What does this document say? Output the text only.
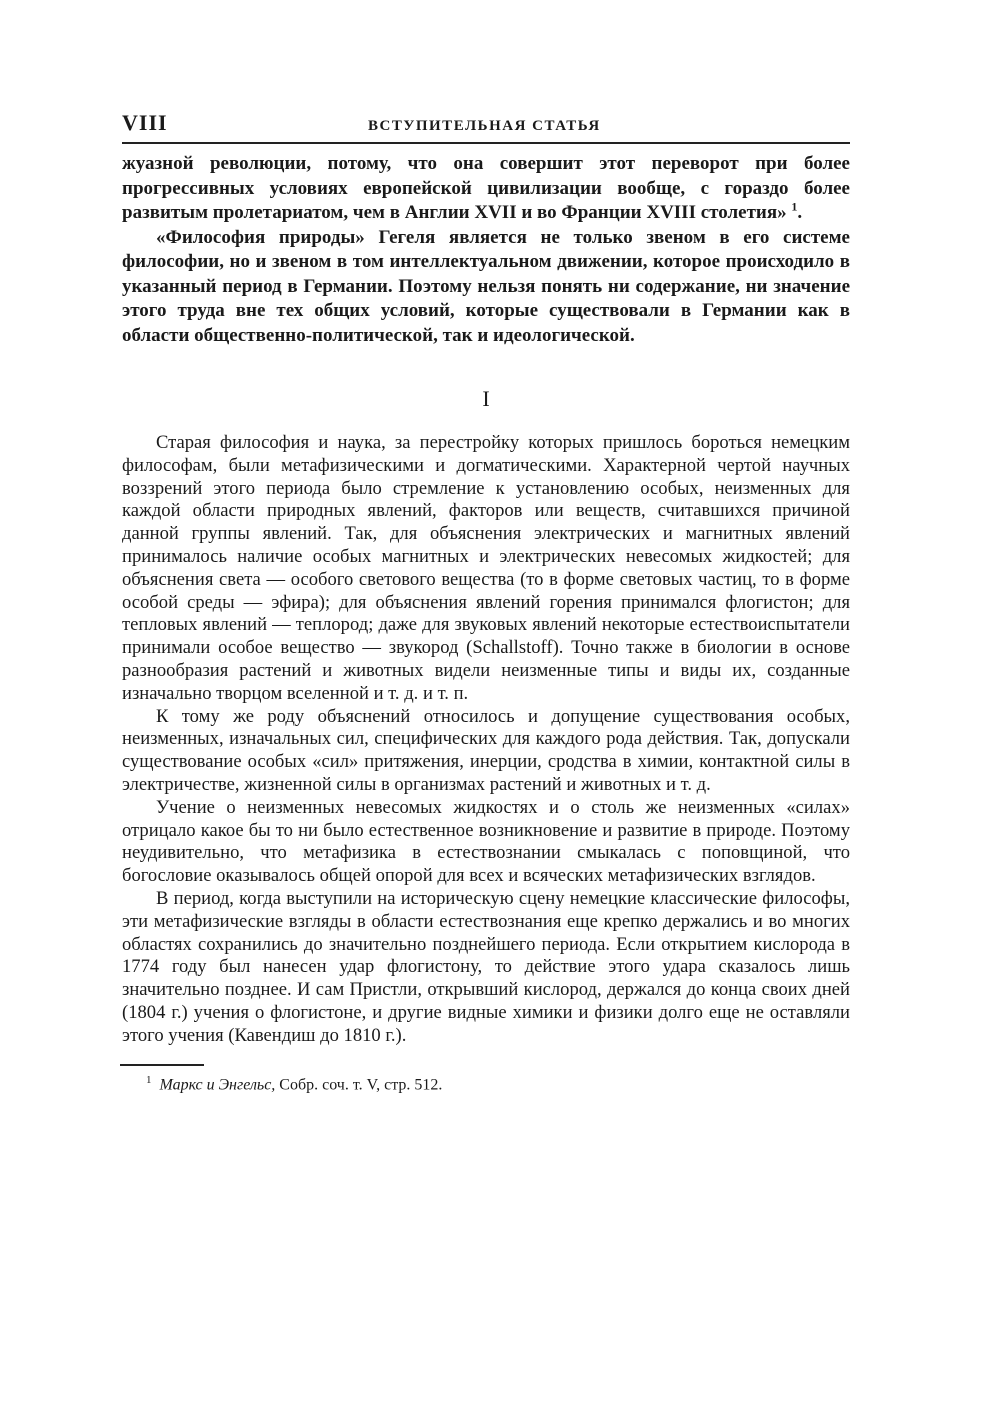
VIII	ВСТУПИТЕЛЬНАЯ СТАТЬЯ

жуазной революции, потому, что она совершит этот переворот при более прогрессивных условиях европейской цивилизации вообще, с гораздо более развитым пролетариатом, чем в Англии XVII и во Франции XVIII столетия» $^1$.

«Философия природы» Гегеля является не только звеном в его системе философии, но и звеном в том интеллектуальном движении, которое происходило в указанный период в Германии. Поэтому нельзя понять ни содержание, ни значение этого труда вне тех общих условий, которые существовали в Германии как в области общественно-политической, так и идеологической.

I

Старая философия и наука, за перестройку которых пришлось бороться немецким философам, были метафизическими и догматическими. Характерной чертой научных воззрений этого периода было стремление к установлению особых, неизменных для каждой области природных явлений, факторов или веществ, считавшихся причиной данной группы явлений. Так, для объяснения электрических и магнитных явлений принималось наличие особых магнитных и электрических невесомых жидкостей; для объяснения света — особого светового вещества (то в форме световых частиц, то в форме особой среды — эфира); для объяснения явлений горения принимался флогистон; для тепловых явлений — теплород; даже для звуковых явлений некоторые естествоиспытатели принимали особое вещество — звукород (Schallstoff). Точно также в биологии в основе разнообразия растений и животных видели неизменные типы и виды их, созданные изначально творцом вселенной и т. д. и т. п.

К тому же роду объяснений относилось и допущение существования особых, неизменных, изначальных сил, специфических для каждого рода действия. Так, допускали существование особых «сил» притяжения, инерции, сродства в химии, контактной силы в электричестве, жизненной силы в организмах растений и животных и т. д.

Учение о неизменных невесомых жидкостях и о столь же неизменных «силах» отрицало какое бы то ни было естественное возникновение и развитие в природе. Поэтому неудивительно, что метафизика в естествознании смыкалась с поповщиной, что богословие оказывалось общей опорой для всех и всяческих метафизических взглядов.

В период, когда выступили на историческую сцену немецкие классические философы, эти метафизические взгляды в области естествознания еще крепко держались и во многих областях сохранились до значительно позднейшего периода. Если открытием кислорода в 1774 году был нанесен удар флогистону, то действие этого удара сказалось лишь значительно позднее. И сам Пристли, открывший кислород, держался до конца своих дней (1804 г.) учения о флогистоне, и другие видные химики и физики долго еще не оставляли этого учения (Кавендиш до 1810 г.).

$^1$ Маркс и Энгельс, Собр. соч. т. V, стр. 512.
